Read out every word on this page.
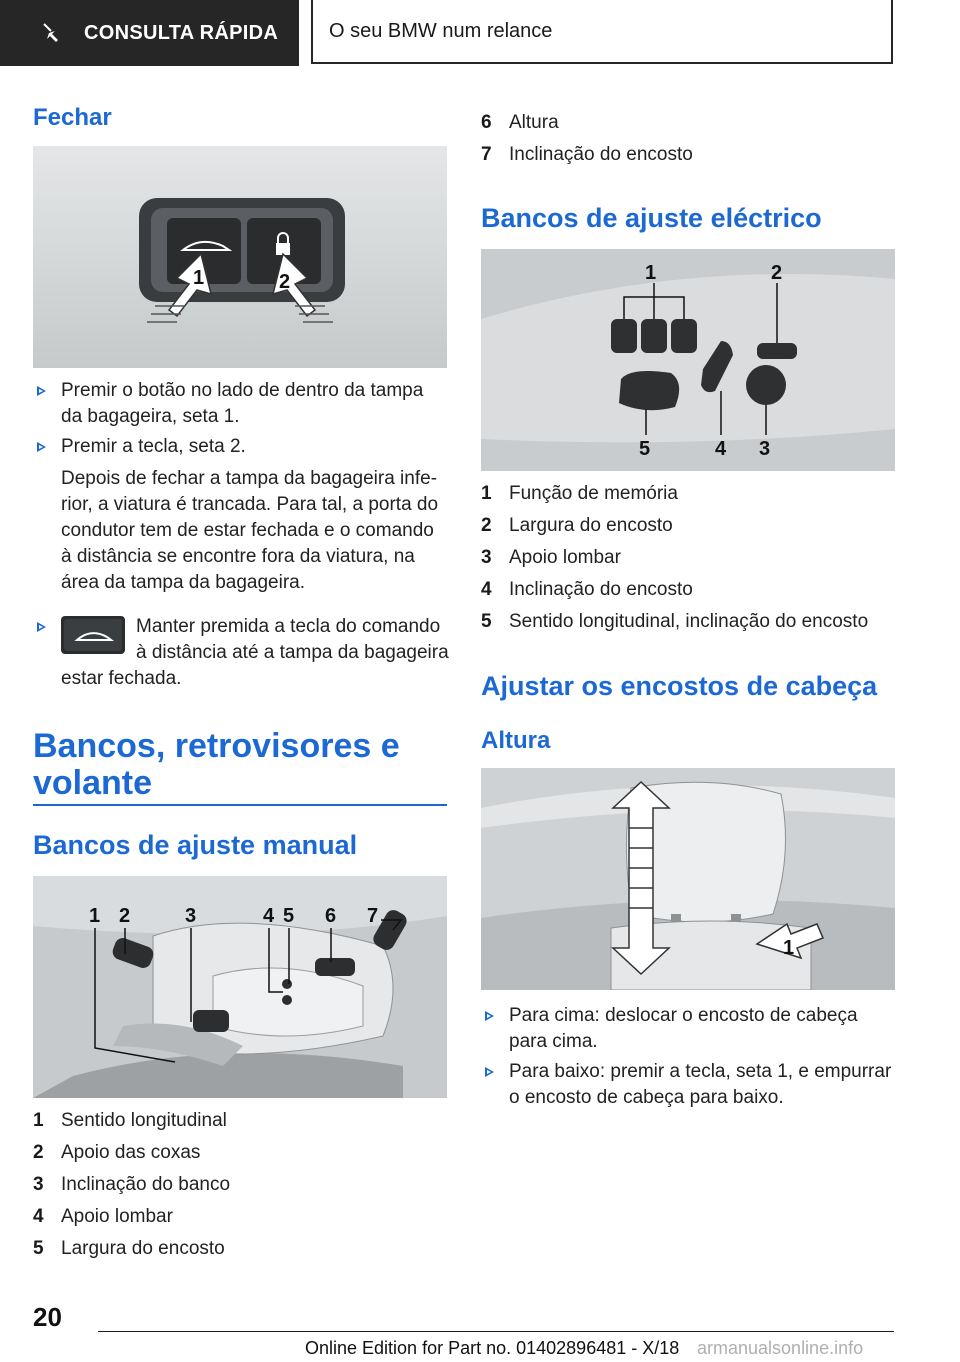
CONSULTA RÁPIDA	O seu BMW num relance
Fechar
1	2
Premir o botão no lado de dentro da tampa da bagageira, seta 1.
Premir a tecla, seta 2.
Depois de fechar a tampa da bagageira infe-rior, a viatura é trancada. Para tal, a porta do condutor tem de estar fechada e o comando à distância se encontre fora da viatura, na área da tampa da bagageira.
Manter premida a tecla do comando
à distância até a tampa da bagageira
estar fechada.
Bancos, retrovisores e
volante
Bancos de ajuste manual
1 2	3	4 5 6 7
1 Sentido longitudinal
2 Apoio das coxas
3 Inclinação do banco
4 Apoio lombar
5 Largura do encosto
6 Altura
7 Inclinação do encosto
Bancos de ajuste eléctrico
1	2
5	4 3
1 Função de memória
2 Largura do encosto
3 Apoio lombar
4 Inclinação do encosto
5 Sentido longitudinal, inclinação do encosto
Ajustar os encostos de cabeça
Altura
1
Para cima: deslocar o encosto de cabeça
para cima.
Para baixo: premir a tecla, seta 1, e empurrar
o encosto de cabeça para baixo.
20
Online Edition for Part no. 01402896481 - X/18 armanualsonline.info
